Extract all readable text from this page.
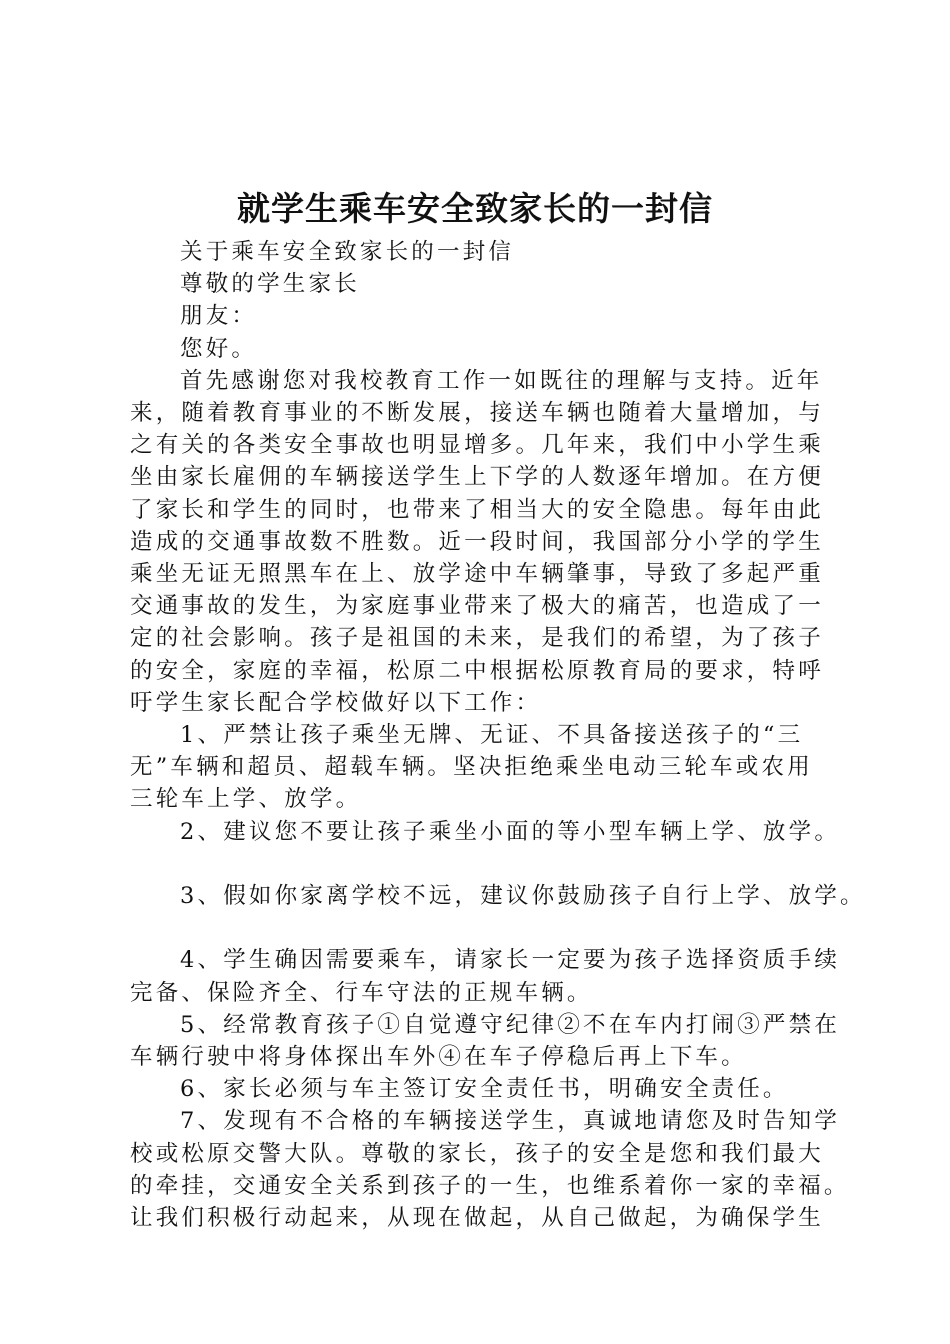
就学生乘车安全致家长的一封信
关于乘车安全致家长的一封信
尊敬的学生家长
朋友：
您好。
首先感谢您对我校教育工作一如既往的理解与支持。近年
来，随着教育事业的不断发展，接送车辆也随着大量增加，与
之有关的各类安全事故也明显增多。几年来，我们中小学生乘
坐由家长雇佣的车辆接送学生上下学的人数逐年增加。在方便
了家长和学生的同时，也带来了相当大的安全隐患。每年由此
造成的交通事故数不胜数。近一段时间，我国部分小学的学生
乘坐无证无照黑车在上、放学途中车辆肇事，导致了多起严重
交通事故的发生，为家庭事业带来了极大的痛苦，也造成了一
定的社会影响。孩子是祖国的未来，是我们的希望，为了孩子
的安全，家庭的幸福，松原二中根据松原教育局的要求，特呼
吁学生家长配合学校做好以下工作：
1、严禁让孩子乘坐无牌、无证、不具备接送孩子的“三
无”车辆和超员、超载车辆。坚决拒绝乘坐电动三轮车或农用
三轮车上学、放学。
2、建议您不要让孩子乘坐小面的等小型车辆上学、放学。
3、假如你家离学校不远，建议你鼓励孩子自行上学、放学。
4、学生确因需要乘车，请家长一定要为孩子选择资质手续
完备、保险齐全、行车守法的正规车辆。
5、经常教育孩子①自觉遵守纪律②不在车内打闹③严禁在
车辆行驶中将身体探出车外④在车子停稳后再上下车。
6、家长必须与车主签订安全责任书，明确安全责任。
7、发现有不合格的车辆接送学生，真诚地请您及时告知学
校或松原交警大队。尊敬的家长，孩子的安全是您和我们最大
的牵挂，交通安全关系到孩子的一生，也维系着你一家的幸福。
让我们积极行动起来，从现在做起，从自己做起，为确保学生
